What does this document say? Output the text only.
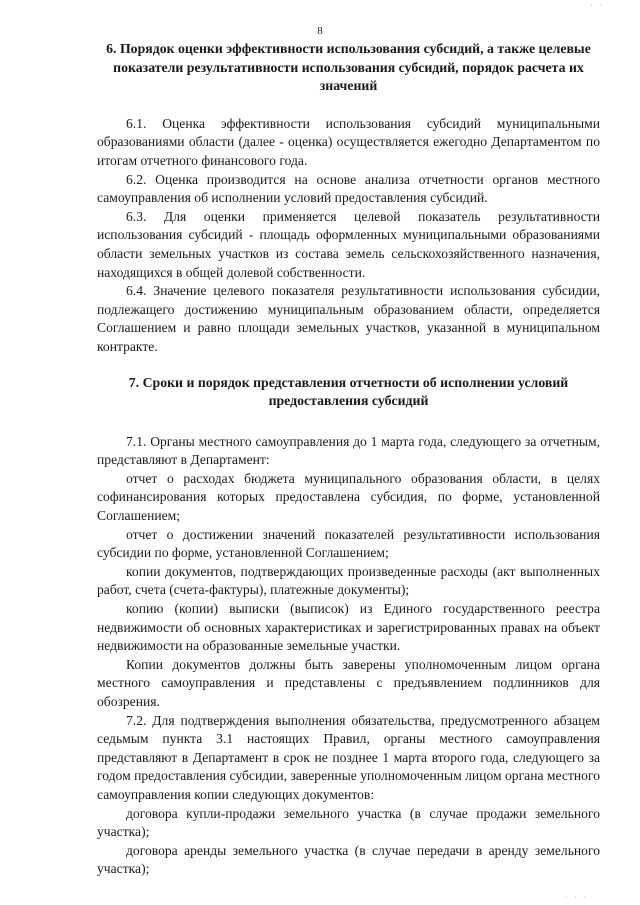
· ·
8
6. Порядок оценки эффективности использования субсидий, а также целевые показатели результативности использования субсидий, порядок расчета их значений

6.1. Оценка эффективности использования субсидий муниципальными образованиями области (далее - оценка) осуществляется ежегодно Департаментом по итогам отчетного финансового года.

6.2. Оценка производится на основе анализа отчетности органов местного самоуправления об исполнении условий предоставления субсидий.

6.3. Для оценки применяется целевой показатель результативности использования субсидий - площадь оформленных муниципальными образованиями области земельных участков из состава земель сельскохозяйственного назначения, находящихся в общей долевой собственности.

6.4. Значение целевого показателя результативности использования субсидии, подлежащего достижению муниципальным образованием области, определяется Соглашением и равно площади земельных участков, указанной в муниципальном контракте.

7. Сроки и порядок представления отчетности об исполнении условий предоставления субсидий

7.1. Органы местного самоуправления до 1 марта года, следующего за отчетным, представляют в Департамент:

отчет о расходах бюджета муниципального образования области, в целях софинансирования которых предоставлена субсидия, по форме, установленной Соглашением;

отчет о достижении значений показателей результативности использования субсидии по форме, установленной Соглашением;

копии документов, подтверждающих произведенные расходы (акт выполненных работ, счета (счета-фактуры), платежные документы);

копию (копии) выписки (выписок) из Единого государственного реестра недвижимости об основных характеристиках и зарегистрированных правах на объект недвижимости на образованные земельные участки.

Копии документов должны быть заверены уполномоченным лицом органа местного самоуправления и представлены с предъявлением подлинников для обозрения.

7.2. Для подтверждения выполнения обязательства, предусмотренного абзацем седьмым пункта 3.1 настоящих Правил, органы местного самоуправления представляют в Департамент в срок не позднее 1 марта второго года, следующего за годом предоставления субсидии, заверенные уполномоченным лицом органа местного самоуправления копии следующих документов:

договора купли-продажи земельного участка (в случае продажи земельного участка);

договора аренды земельного участка (в случае передачи в аренду земельного участка);

· · ·
